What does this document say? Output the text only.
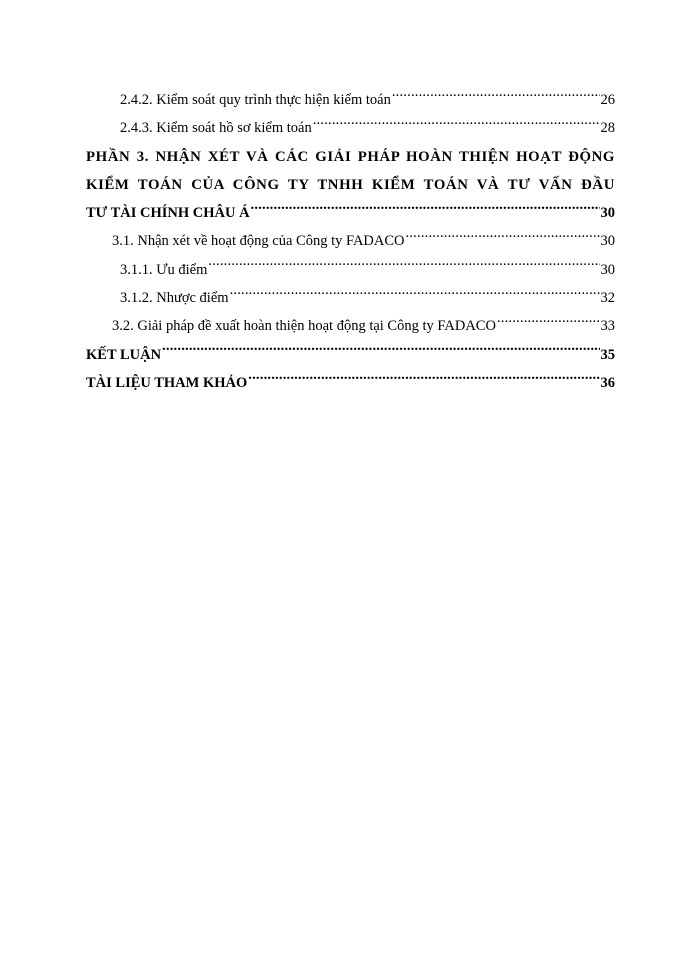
2.4.2. Kiểm soát quy trình thực hiện kiểm toán .....	26
2.4.3. Kiểm soát hồ sơ kiểm toán .....	28
PHẦN 3. NHẬN XÉT VÀ CÁC GIẢI PHÁP HOÀN THIỆN HOẠT ĐỘNG
KIỂM TOÁN CỦA CÔNG TY TNHH KIỂM TOÁN VÀ TƯ VẤN ĐẦU
TƯ TÀI CHÍNH CHÂU Á .....	30
3.1. Nhận xét về hoạt động của Công ty FADACO .....	30
3.1.1. Ưu điểm .....	30
3.1.2. Nhược điểm .....	32
3.2. Giải pháp đề xuất hoàn thiện hoạt động tại Công ty FADACO .....	33
KẾT LUẬN .....	35
TÀI LIỆU THAM KHẢO .....	36
